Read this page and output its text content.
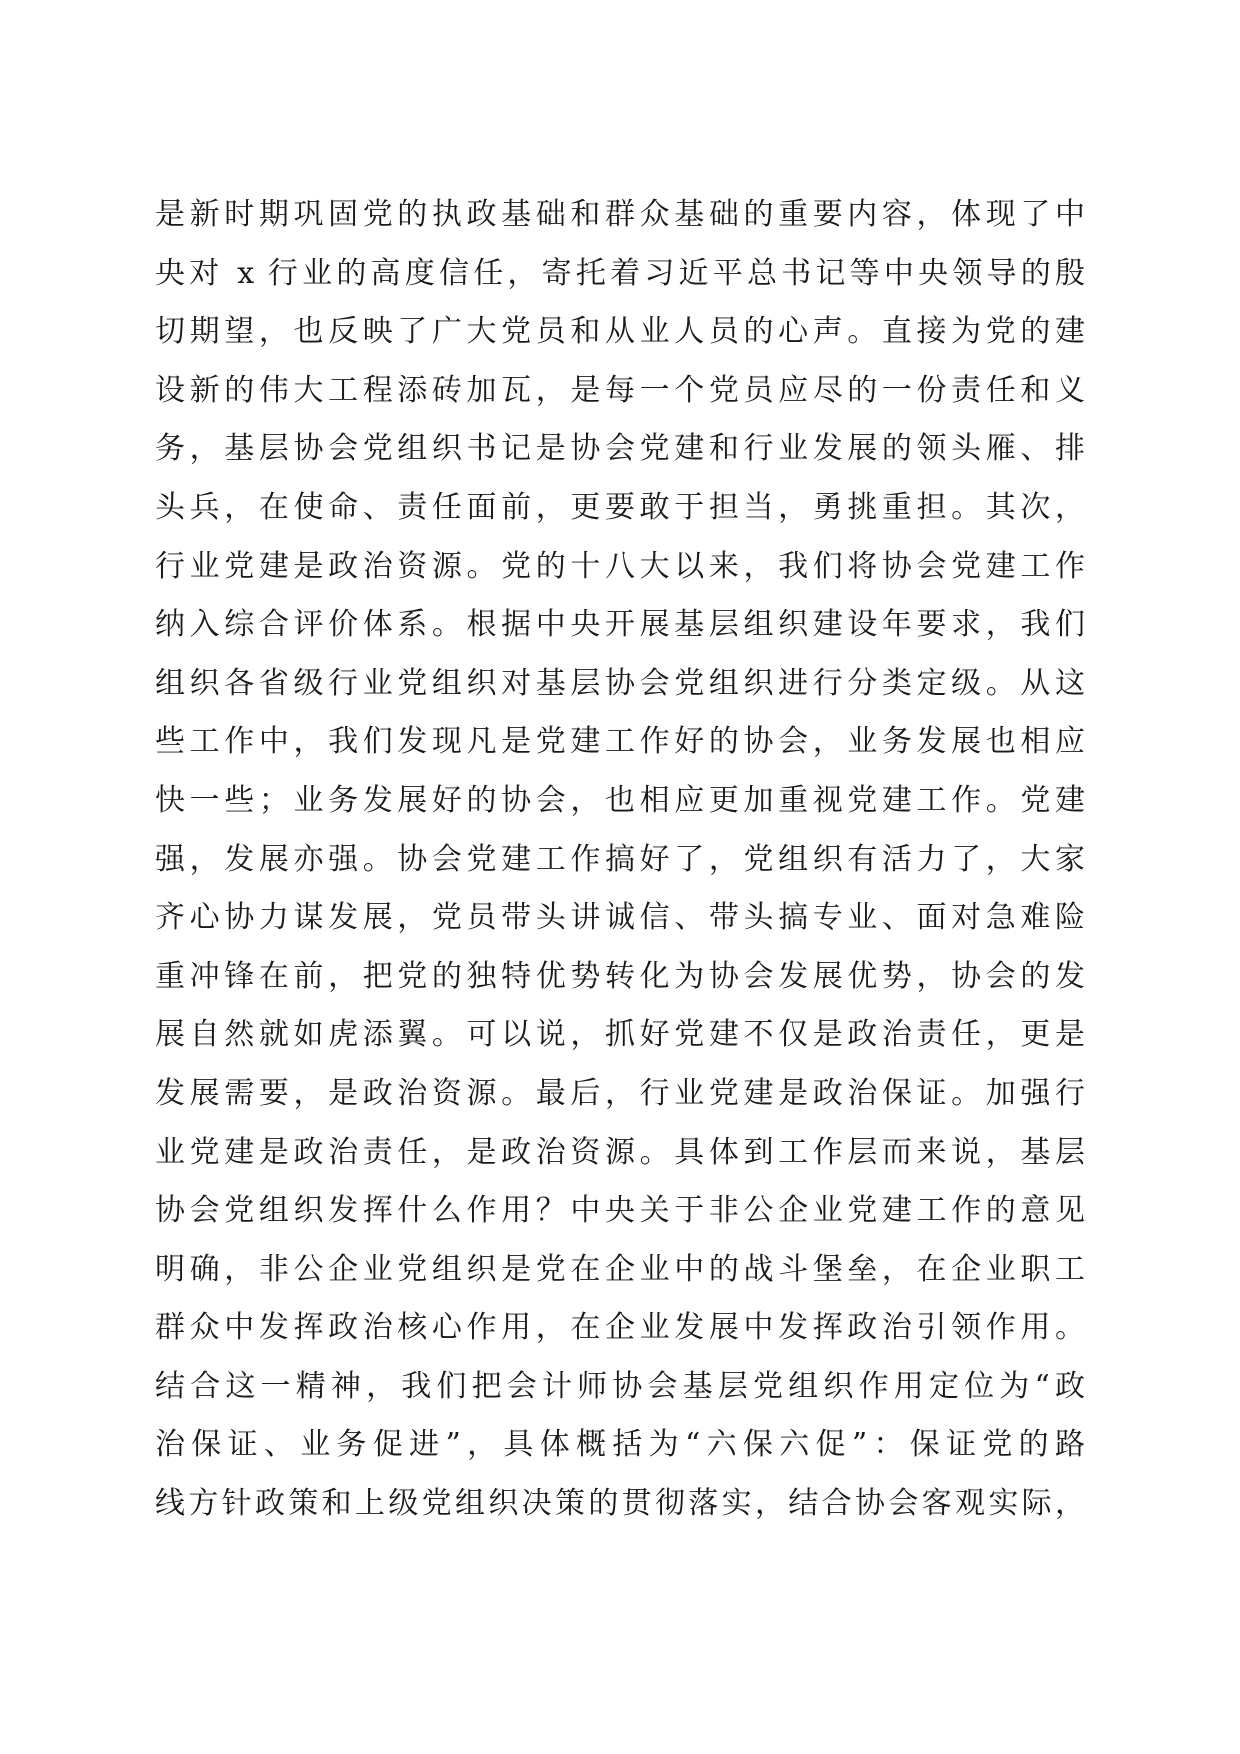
是新时期巩固党的执政基础和群众基础的重要内容，体现了中
央对 x 行业的高度信任，寄托着习近平总书记等中央领导的殷
切期望，也反映了广大党员和从业人员的心声。直接为党的建
设新的伟大工程添砖加瓦，是每一个党员应尽的一份责任和义
务，基层协会党组织书记是协会党建和行业发展的领头雁、排
头兵，在使命、责任面前，更要敢于担当，勇挑重担。其次，
行业党建是政治资源。党的十八大以来，我们将协会党建工作
纳入综合评价体系。根据中央开展基层组织建设年要求，我们
组织各省级行业党组织对基层协会党组织进行分类定级。从这
些工作中，我们发现凡是党建工作好的协会，业务发展也相应
快一些；业务发展好的协会，也相应更加重视党建工作。党建
强，发展亦强。协会党建工作搞好了，党组织有活力了，大家
齐心协力谋发展，党员带头讲诚信、带头搞专业、面对急难险
重冲锋在前，把党的独特优势转化为协会发展优势，协会的发
展自然就如虎添翼。可以说，抓好党建不仅是政治责任，更是
发展需要，是政治资源。最后，行业党建是政治保证。加强行
业党建是政治责任，是政治资源。具体到工作层而来说，基层
协会党组织发挥什么作用？中央关于非公企业党建工作的意见
明确，非公企业党组织是党在企业中的战斗堡垒，在企业职工
群众中发挥政治核心作用，在企业发展中发挥政治引领作用。
结合这一精神，我们把会计师协会基层党组织作用定位为“政
治保证、业务促进”，具体概括为“六保六促”：保证党的路
线方针政策和上级党组织决策的贯彻落实，结合协会客观实际，
